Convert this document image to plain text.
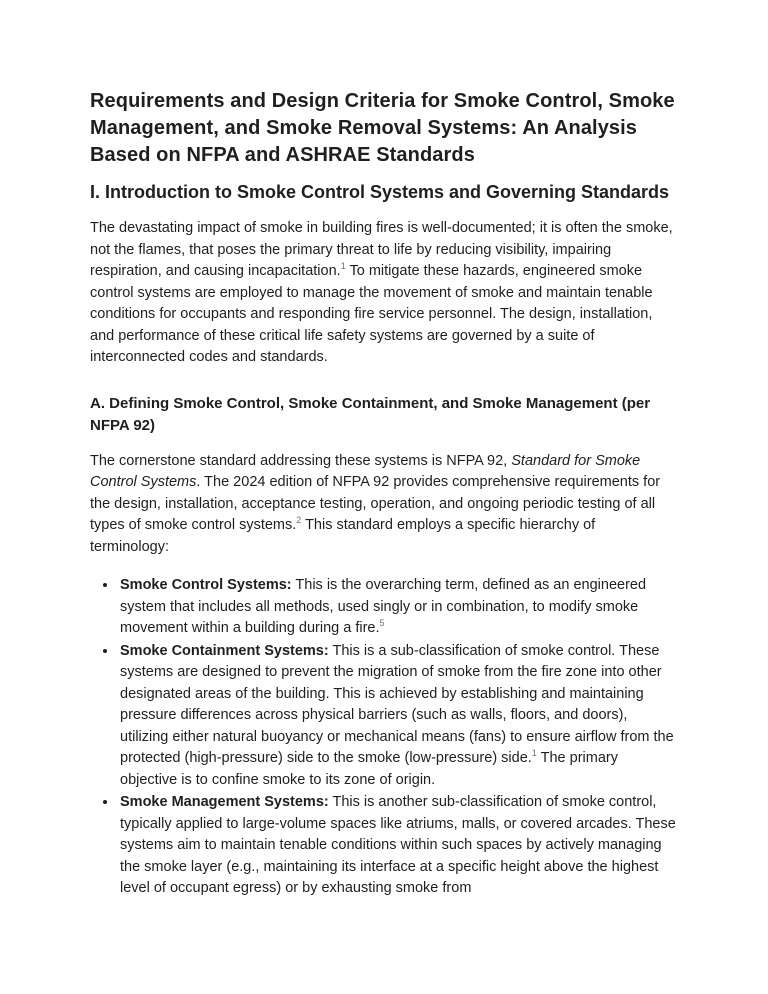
Requirements and Design Criteria for Smoke Control, Smoke Management, and Smoke Removal Systems: An Analysis Based on NFPA and ASHRAE Standards
I. Introduction to Smoke Control Systems and Governing Standards

The devastating impact of smoke in building fires is well-documented; it is often the smoke, not the flames, that poses the primary threat to life by reducing visibility, impairing respiration, and causing incapacitation.$^1$ To mitigate these hazards, engineered smoke control systems are employed to manage the movement of smoke and maintain tenable conditions for occupants and responding fire service personnel. The design, installation, and performance of these critical life safety systems are governed by a suite of interconnected codes and standards.

A. Defining Smoke Control, Smoke Containment, and Smoke Management (per NFPA 92)

The cornerstone standard addressing these systems is NFPA 92, Standard for Smoke Control Systems. The 2024 edition of NFPA 92 provides comprehensive requirements for the design, installation, acceptance testing, operation, and ongoing periodic testing of all types of smoke control systems.$^2$ This standard employs a specific hierarchy of terminology:

• Smoke Control Systems: This is the overarching term, defined as an engineered system that includes all methods, used singly or in combination, to modify smoke movement within a building during a fire.$^5$
• Smoke Containment Systems: This is a sub-classification of smoke control. These systems are designed to prevent the migration of smoke from the fire zone into other designated areas of the building. This is achieved by establishing and maintaining pressure differences across physical barriers (such as walls, floors, and doors), utilizing either natural buoyancy or mechanical means (fans) to ensure airflow from the protected (high-pressure) side to the smoke (low-pressure) side.$^1$ The primary objective is to confine smoke to its zone of origin.
• Smoke Management Systems: This is another sub-classification of smoke control, typically applied to large-volume spaces like atriums, malls, or covered arcades. These systems aim to maintain tenable conditions within such spaces by actively managing the smoke layer (e.g., maintaining its interface at a specific height above the highest level of occupant egress) or by exhausting smoke from
